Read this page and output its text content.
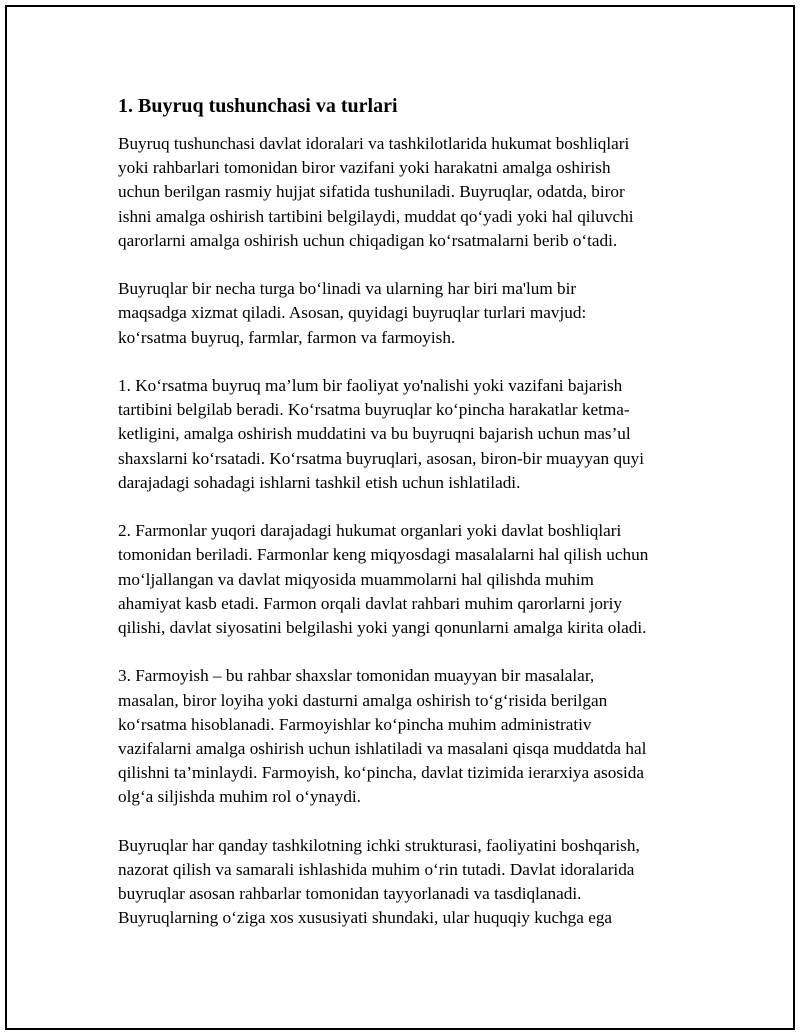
1. Buyruq tushunchasi va turlari
Buyruq tushunchasi davlat idoralari va tashkilotlarida hukumat boshliqlari
yoki rahbarlari tomonidan biror vazifani yoki harakatni amalga oshirish
uchun berilgan rasmiy hujjat sifatida tushuniladi. Buyruqlar, odatda, biror
ishni amalga oshirish tartibini belgilaydi, muddat qo‘yadi yoki hal qiluvchi
qarorlarni amalga oshirish uchun chiqadigan ko‘rsatmalarni berib o‘tadi.
Buyruqlar bir necha turga bo‘linadi va ularning har biri ma'lum bir
maqsadga xizmat qiladi. Asosan, quyidagi buyruqlar turlari mavjud:
ko‘rsatma buyruq, farmlar, farmon va farmoyish.
1. Ko‘rsatma buyruq ma’lum bir faoliyat yo'nalishi yoki vazifani bajarish
tartibini belgilab beradi. Ko‘rsatma buyruqlar ko‘pincha harakatlar ketma-
ketligini, amalga oshirish muddatini va bu buyruqni bajarish uchun mas’ul
shaxslarni ko‘rsatadi. Ko‘rsatma buyruqlari, asosan, biron-bir muayyan quyi
darajadagi sohadagi ishlarni tashkil etish uchun ishlatiladi.
2. Farmonlar yuqori darajadagi hukumat organlari yoki davlat boshliqlari
tomonidan beriladi. Farmonlar keng miqyosdagi masalalarni hal qilish uchun
mo‘ljallangan va davlat miqyosida muammolarni hal qilishda muhim
ahamiyat kasb etadi. Farmon orqali davlat rahbari muhim qarorlarni joriy
qilishi, davlat siyosatini belgilashi yoki yangi qonunlarni amalga kirita oladi.
3. Farmoyish – bu rahbar shaxslar tomonidan muayyan bir masalalar,
masalan, biror loyiha yoki dasturni amalga oshirish to‘g‘risida berilgan
ko‘rsatma hisoblanadi. Farmoyishlar ko‘pincha muhim administrativ
vazifalarni amalga oshirish uchun ishlatiladi va masalani qisqa muddatda hal
qilishni ta’minlaydi. Farmoyish, ko‘pincha, davlat tizimida ierarxiya asosida
olg‘a siljishda muhim rol o‘ynaydi.
Buyruqlar har qanday tashkilotning ichki strukturasi, faoliyatini boshqarish,
nazorat qilish va samarali ishlashida muhim o‘rin tutadi. Davlat idoralarida
buyruqlar asosan rahbarlar tomonidan tayyorlanadi va tasdiqlanadi.
Buyruqlarning o‘ziga xos xususiyati shundaki, ular huquqiy kuchga ega
